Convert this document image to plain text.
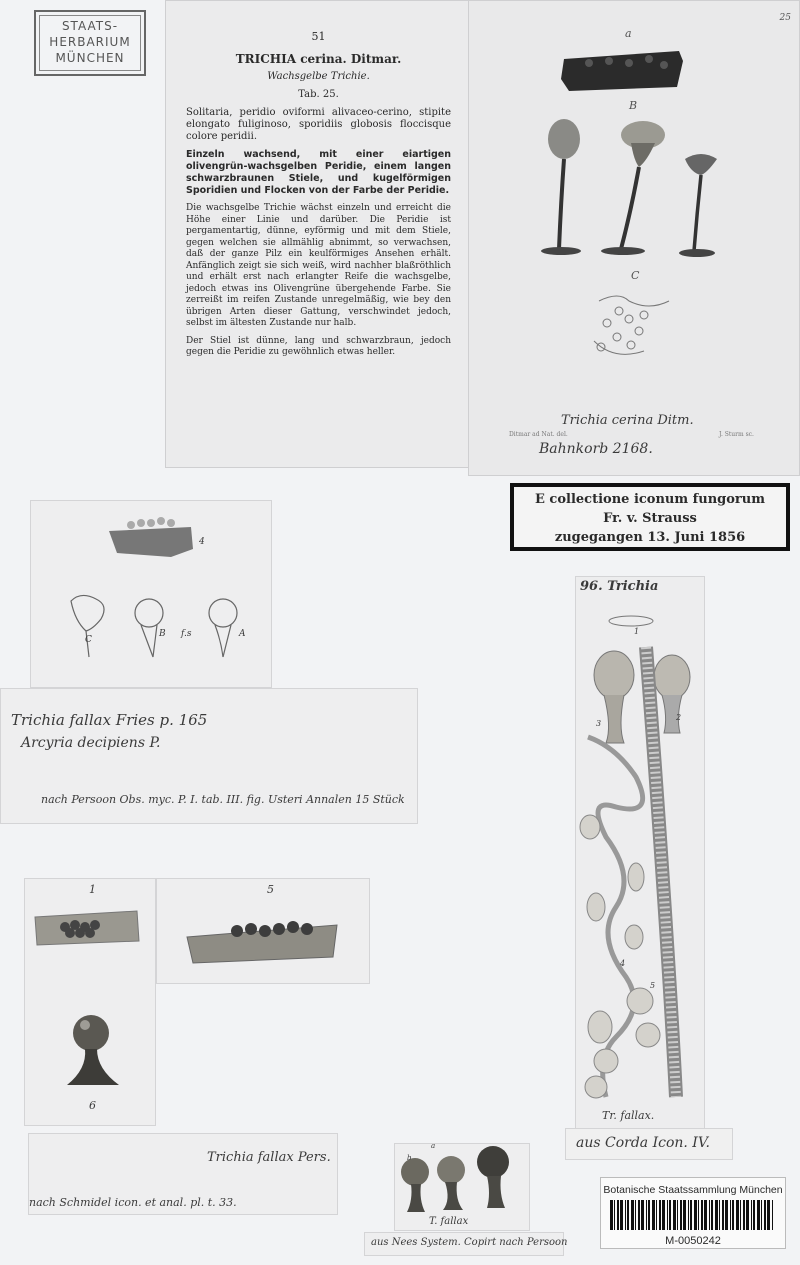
STAATS-
HERBARIUM
MÜNCHEN
51
TRICHIA cerina. Ditmar.
Wachsgelbe Trichie.
Tab. 25.

Solitaria, peridio oviformi alivaceo-cerino, stipite elongato fuliginoso, sporidiis globosis floccisque colore peridii.

Einzeln wachsend, mit einer eiartigen olivengrün-wachsgelben Peridie, einem langen schwarzbraunen Stiele, und kugelförmigen Sporidien und Flocken von der Farbe der Peridie.

Die wachsgelbe Trichie wächst einzeln und erreicht die Höhe einer Linie und darüber. Die Peridie ist pergamentartig, dünne, eyförmig und mit dem Stiele, gegen welchen sie allmählig abnimmt, so verwachsen, daß der ganze Pilz ein keulförmiges Ansehen erhält. Anfänglich zeigt sie sich weiß, wird nachher blaßröthlich und erhält erst nach erlangter Reife die wachsgelbe, jedoch etwas ins Olivengrüne übergehende Farbe. Sie zerreißt im reifen Zustande unregelmäßig, wie bey den übrigen Arten dieser Gattung, verschwindet jedoch, selbst im ältesten Zustande nur halb.

Der Stiel ist dünne, lang und schwarzbraun, jedoch gegen die Peridie zu gewöhnlich etwas heller.

25
a
B
C
Trichia cerina Ditm.
Ditmar ad Nat. del.	J. Sturm sc.
Bahnkorb 2168.
E collectione iconum fungorum
Fr. v. Strauss
zugegangen 13. Juni 1856
C
B	A
4
f.s
Trichia fallax Fries p. 165
Arcyria decipiens P.
nach Persoon Obs. myc. P. I. tab. III. fig. Usteri Annalen 15 Stück
96. Trichia
Tr. fallax.
1
2
3
4
5
aus Corda Icon. IV.
1
6
5
Trichia fallax Pers.
nach Schmidel icon. et anal. pl. t. 33.
b
a
T. fallax
aus Nees System. Copirt nach Persoon
Botanische Staatssammlung München
M-0050242
